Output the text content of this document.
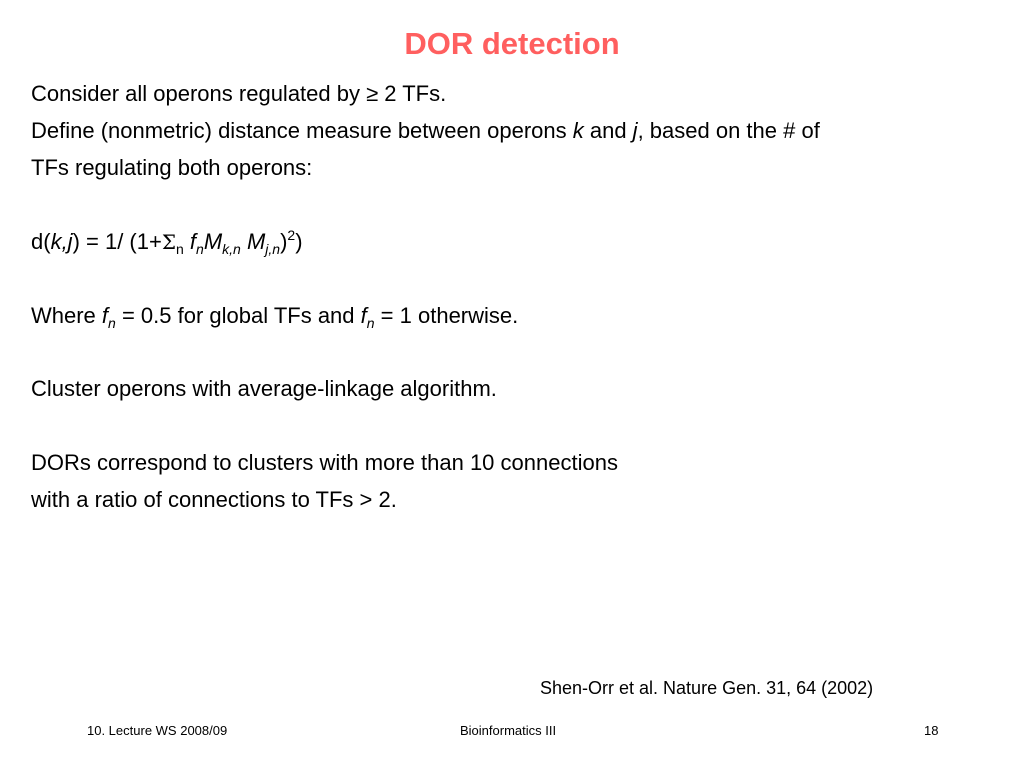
DOR detection
Consider all operons regulated by ≥ 2 TFs.
Define (nonmetric) distance measure between operons k and j, based on the # of
TFs regulating both operons:
d(k,j) = 1/ ($1+\Sigma_n$ $f_nM_{k,n}$ $M_{j,n})^2$)
Where $f_n = 0.5$ for global TFs and $f_n = 1$ otherwise.
Cluster operons with average-linkage algorithm.
DORs correspond to clusters with more than 10 connections
with a ratio of connections to TFs > 2.
Shen-Orr et al. Nature Gen. 31, 64 (2002)
10. Lecture WS 2008/09	Bioinformatics III	18
